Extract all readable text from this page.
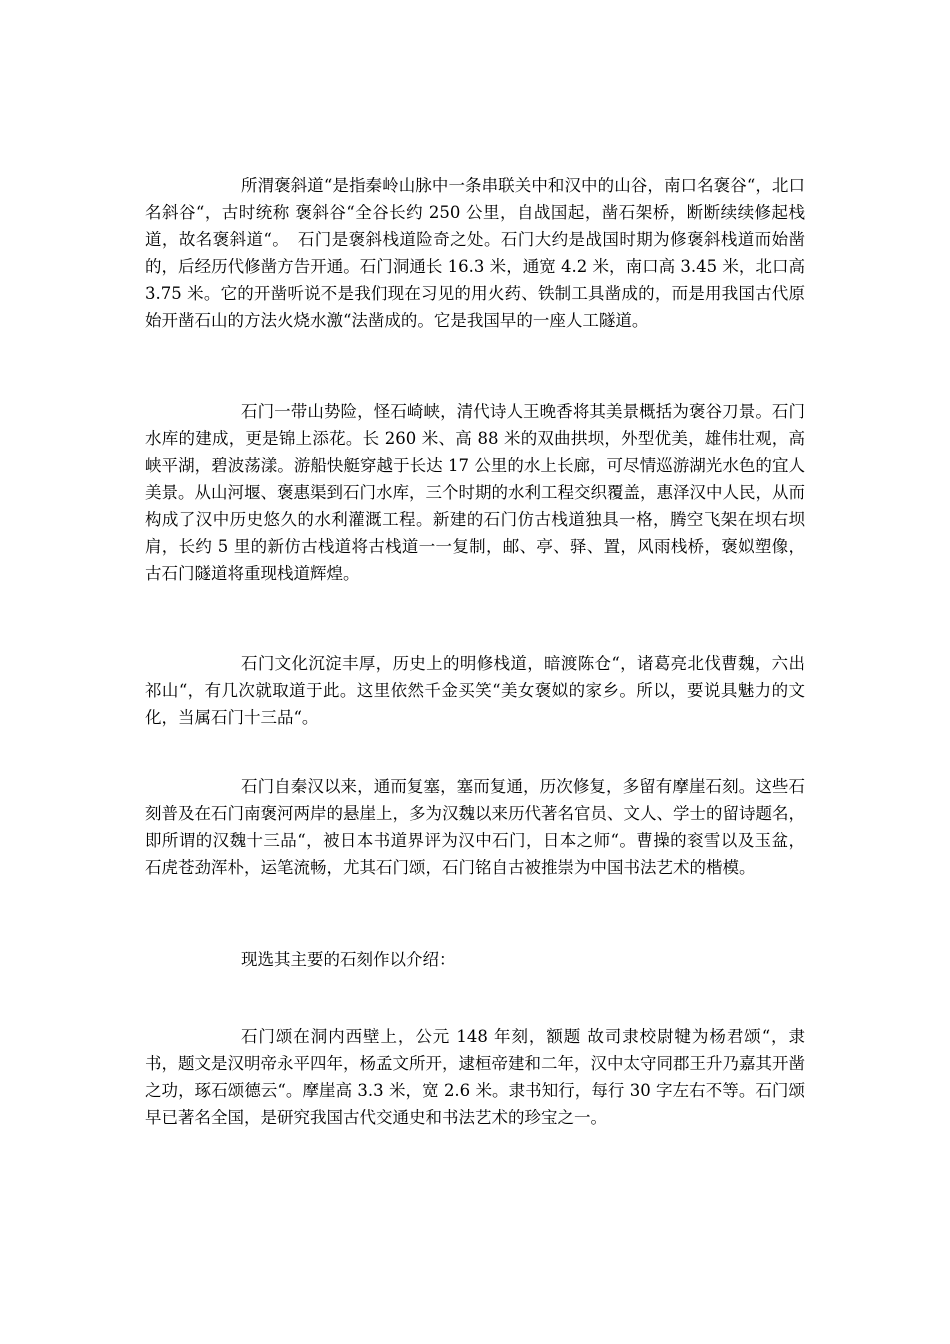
所渭褒斜道“是指秦岭山脉中一条串联关中和汉中的山谷，南口名褒谷“，北口名斜谷“，古时统称 褒斜谷“全谷长约 250 公里，自战国起，凿石架桥，断断续续修起栈道，故名褒斜道“。　石门是褒斜栈道险奇之处。石门大约是战国时期为修褒斜栈道而始凿的，后经历代修凿方告开通。石门洞通长 16.3 米，通宽 4.2 米，南口高 3.45 米，北口高 3.75 米。它的开凿听说不是我们现在习见的用火药、铁制工具凿成的，而是用我国古代原始开凿石山的方法火烧水激“法凿成的。它是我国早的一座人工隧道。

石门一带山势险，怪石崎峡，清代诗人王晚香将其美景概括为褒谷刀景。石门水库的建成，更是锦上添花。长 260 米、高 88 米的双曲拱坝，外型优美，雄伟壮观，高峡平湖，碧波荡漾。游船快艇穿越于长达 17 公里的水上长廊，可尽情巡游湖光水色的宜人美景。从山河堰、褒惠渠到石门水库，三个时期的水利工程交织覆盖，惠泽汉中人民，从而构成了汉中历史悠久的水利灌溉工程。新建的石门仿古栈道独具一格，腾空飞架在坝右坝肩，长约 5 里的新仿古栈道将古栈道一一复制，邮、亭、驿、置，风雨栈桥，褒姒塑像，古石门隧道将重现栈道辉煌。

石门文化沉淀丰厚，历史上的明修栈道，暗渡陈仓“，诸葛亮北伐曹魏，六出祁山“，有几次就取道于此。这里依然千金买笑“美女褒姒的家乡。所以，要说具魅力的文化，当属石门十三品“。

石门自秦汉以来，通而复塞，塞而复通，历次修复，多留有摩崖石刻。这些石刻普及在石门南褒河两岸的悬崖上，多为汉魏以来历代著名官员、文人、学士的留诗题名，即所谓的汉魏十三品“，被日本书道界评为汉中石门，日本之师“。曹操的衮雪以及玉盆，石虎苍劲浑朴，运笔流畅，尤其石门颂，石门铭自古被推崇为中国书法艺术的楷模。

现选其主要的石刻作以介绍：

石门颂在洞内西壁上，公元 148 年刻，额题 故司隶校尉犍为杨君颂“，隶书，题文是汉明帝永平四年，杨孟文所开，逮桓帝建和二年，汉中太守同郡王升乃嘉其开凿之功，琢石颂德云“。摩崖高 3.3 米，宽 2.6 米。隶书知行，每行 30 字左右不等。石门颂早已著名全国，是研究我国古代交通史和书法艺术的珍宝之一。
